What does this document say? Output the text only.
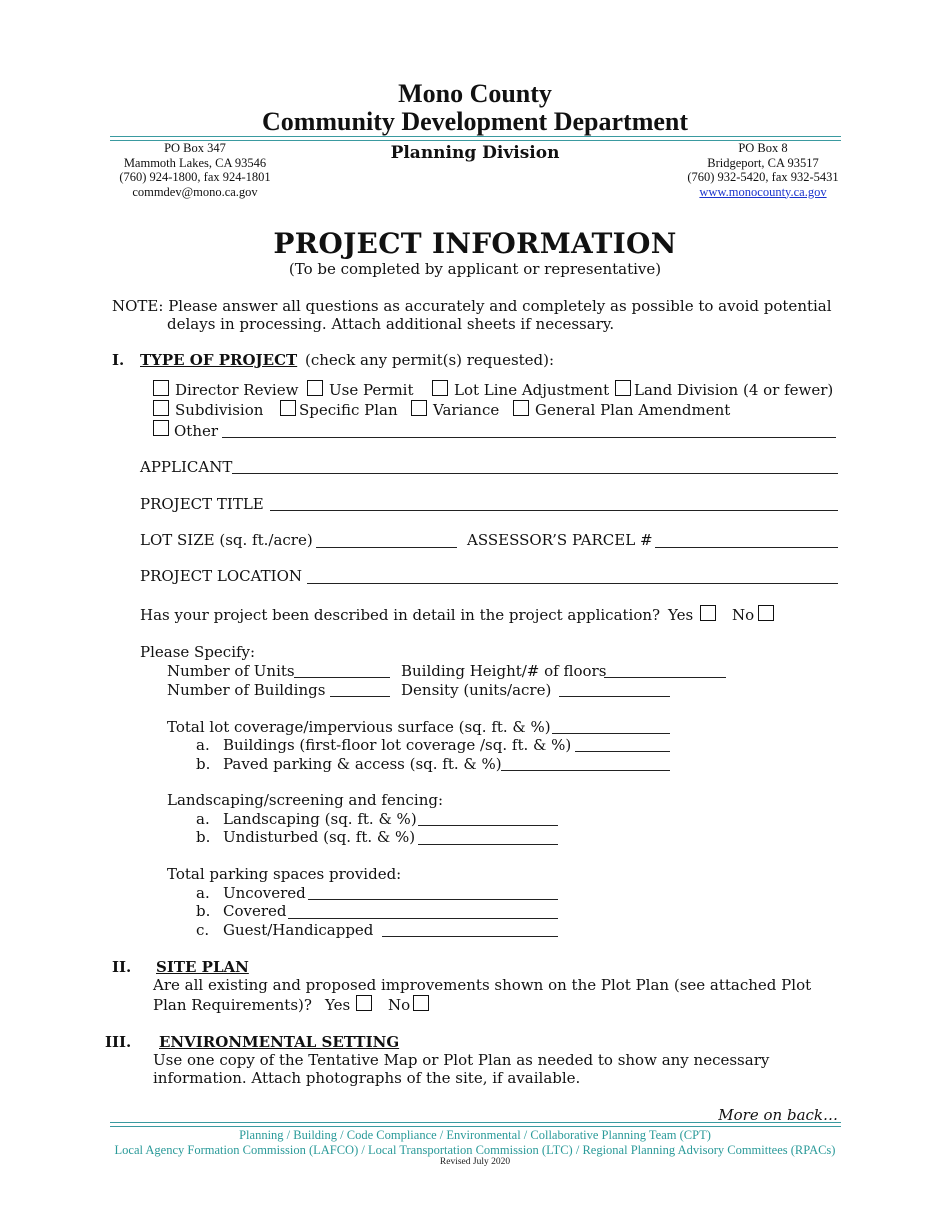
Mono County
Community Development Department
PO Box 347
Mammoth Lakes, CA 93546
(760) 924-1800, fax 924-1801
commdev@mono.ca.gov
Planning Division	PO Box 8
Bridgeport, CA 93517
(760) 932-5420, fax 932-5431
www.monocounty.ca.gov
PROJECT INFORMATION
(To be completed by applicant or representative)
NOTE: Please answer all questions as accurately and completely as possible to avoid potential
delays in processing. Attach additional sheets if necessary.
I. TYPE OF PROJECT (check any permit(s) requested):
Director Review Use Permit	Lot Line Adjustment Land Division (4 or fewer)
Subdivision Specific Plan Variance General Plan Amendment
Other
APPLICANT
PROJECT TITLE
LOT SIZE (sq. ft./acre)	ASSESSOR’S PARCEL #
PROJECT LOCATION
Has your project been described in detail in the project application? Yes	No
Please Specify:
Number of Units	Building Height/# of floors
Number of Buildings	Density (units/acre)
Total lot coverage/impervious surface (sq. ft. & %)
a. Buildings (first-floor lot coverage /sq. ft. & %)
b. Paved parking & access (sq. ft. & %)
Landscaping/screening and fencing:
a. Landscaping (sq. ft. & %)
b. Undisturbed (sq. ft. & %)
Total parking spaces provided:
a. Uncovered
b. Covered
c. Guest/Handicapped
II. SITE PLAN
Are all existing and proposed improvements shown on the Plot Plan (see attached Plot
Plan Requirements)? Yes	No
III. ENVIRONMENTAL SETTING
Use one copy of the Tentative Map or Plot Plan as needed to show any necessary
information. Attach photographs of the site, if available.
More on back…
Planning / Building / Code Compliance / Environmental / Collaborative Planning Team (CPT)
Local Agency Formation Commission (LAFCO) / Local Transportation Commission (LTC) / Regional Planning Advisory Committees (RPACs)
Revised July 2020
